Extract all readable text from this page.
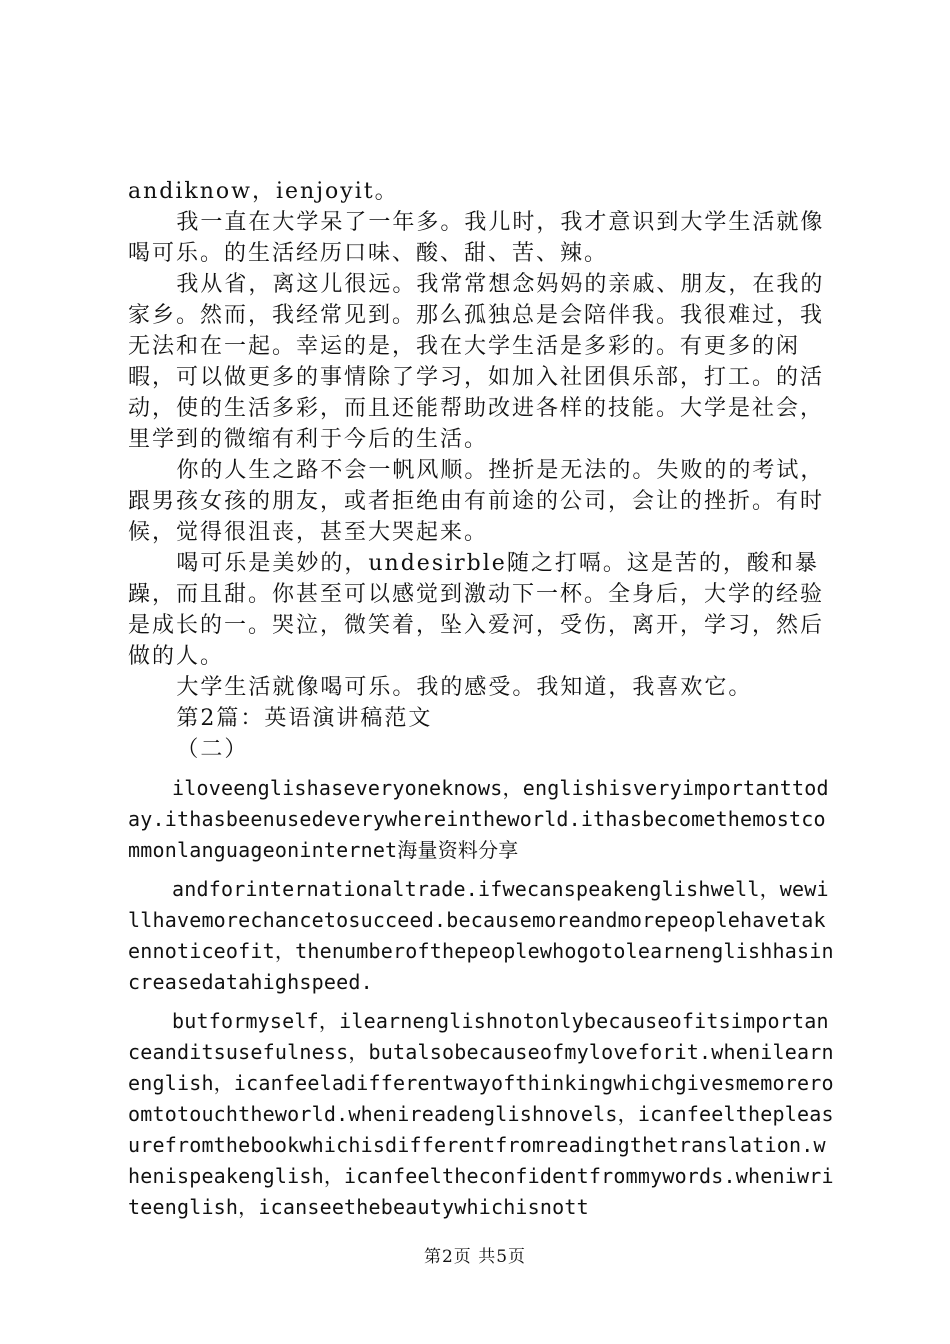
andiknow，ienjoyit。

我一直在大学呆了一年多。我儿时，我才意识到大学生活就像喝可乐。的生活经历口味、酸、甜、苦、辣。

我从省，离这儿很远。我常常想念妈妈的亲戚、朋友，在我的家乡。然而，我经常见到。那么孤独总是会陪伴我。我很难过，我无法和在一起。幸运的是，我在大学生活是多彩的。有更多的闲暇，可以做更多的事情除了学习，如加入社团俱乐部，打工。的活动，使的生活多彩，而且还能帮助改进各样的技能。大学是社会，里学到的微缩有利于今后的生活。

你的人生之路不会一帆风顺。挫折是无法的。失败的的考试，跟男孩女孩的朋友，或者拒绝由有前途的公司，会让的挫折。有时候，觉得很沮丧，甚至大哭起来。

喝可乐是美妙的，undesirble随之打嗝。这是苦的，酸和暴躁，而且甜。你甚至可以感觉到激动下一杯。全身后，大学的经验是成长的一。哭泣，微笑着，坠入爱河，受伤，离开，学习，然后做的人。

大学生活就像喝可乐。我的感受。我知道，我喜欢它。

第2篇：英语演讲稿范文

（二）

iloveenglishaseveryoneknows，englishisveryimportanttoday.ithasbeenusedeverywhereintheworld.ithasbecomethemostcommonlanguageoninternet海量资料分享

andforinternationaltrade.ifwecanspeakenglishwell，wewillhavemorechancetosucceed.becausemoreandmorepeoplehavetakennoticeofit，thenumberofthepeoplewhogotolearnenglishhasincreasedatahighspeed.

butformyself，ilearnenglishnotonlybecauseofitsimportanceanditsusefulness，butalsobecauseofmyloveforit.whenilearnenglish，icanfeeladifferentwayofthinkingwhichgivesmemoreroomtotouchtheworld.whenireadenglishnovels，icanfeelthepleasurefromthebookwhichisdifferentfromreadingthetranslation.whenispeakenglish，icanfeeltheconfidentfrommywords.wheniwriteenglish，icanseethebeautywhichisnott

第2页 共5页
